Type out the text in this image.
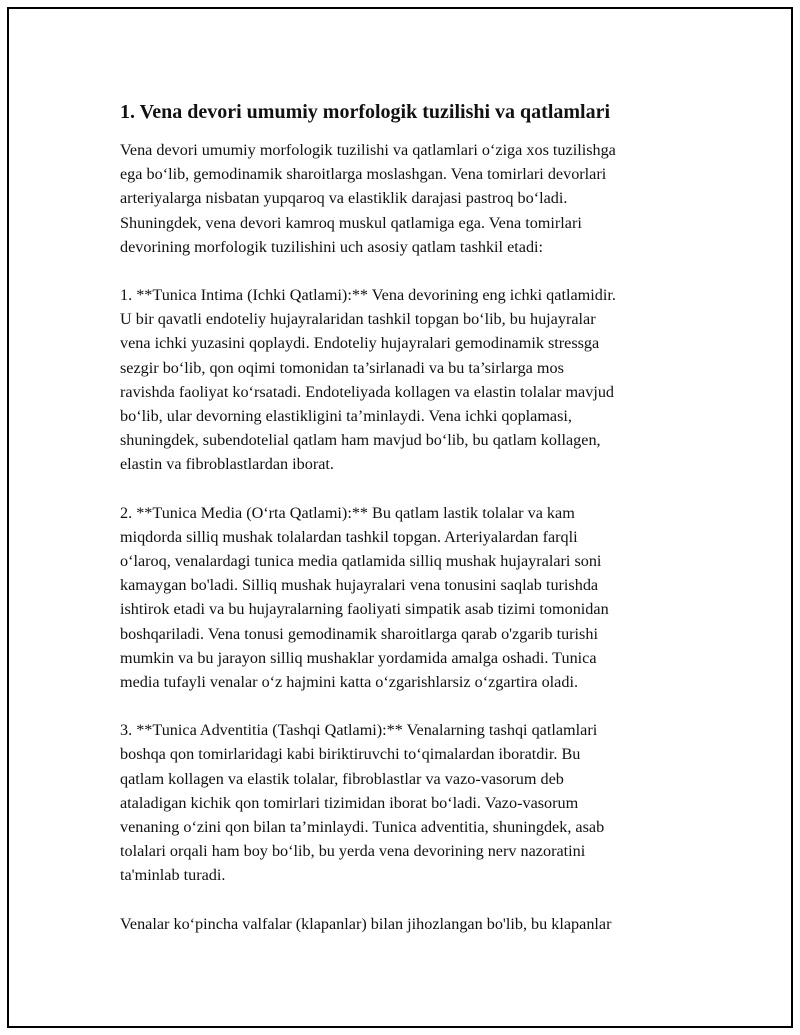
1. Vena devori umumiy morfologik tuzilishi va qatlamlari

Vena devori umumiy morfologik tuzilishi va qatlamlari o‘ziga xos tuzilishga
ega bo‘lib, gemodinamik sharoitlarga moslashgan. Vena tomirlari devorlari
arteriyalarga nisbatan yupqaroq va elastiklik darajasi pastroq bo‘ladi.
Shuningdek, vena devori kamroq muskul qatlamiga ega. Vena tomirlari
devorining morfologik tuzilishini uch asosiy qatlam tashkil etadi:

1. **Tunica Intima (Ichki Qatlami):** Vena devorining eng ichki qatlamidir.
U bir qavatli endoteliy hujayralaridan tashkil topgan bo‘lib, bu hujayralar
vena ichki yuzasini qoplaydi. Endoteliy hujayralari gemodinamik stressga
sezgir bo‘lib, qon oqimi tomonidan ta’sirlanadi va bu ta’sirlarga mos
ravishda faoliyat ko‘rsatadi. Endoteliyada kollagen va elastin tolalar mavjud
bo‘lib, ular devorning elastikligini ta’minlaydi. Vena ichki qoplamasi,
shuningdek, subendotelial qatlam ham mavjud bo‘lib, bu qatlam kollagen,
elastin va fibroblastlardan iborat.

2. **Tunica Media (O‘rta Qatlami):** Bu qatlam lastik tolalar va kam
miqdorda silliq mushak tolalardan tashkil topgan. Arteriyalardan farqli
o‘laroq, venalardagi tunica media qatlamida silliq mushak hujayralari soni
kamaygan bo'ladi. Silliq mushak hujayralari vena tonusini saqlab turishda
ishtirok etadi va bu hujayralarning faoliyati simpatik asab tizimi tomonidan
boshqariladi. Vena tonusi gemodinamik sharoitlarga qarab o'zgarib turishi
mumkin va bu jarayon silliq mushaklar yordamida amalga oshadi. Tunica
media tufayli venalar o‘z hajmini katta o‘zgarishlarsiz o‘zgartira oladi.

3. **Tunica Adventitia (Tashqi Qatlami):** Venalarning tashqi qatlamlari
boshqa qon tomirlaridagi kabi biriktiruvchi to‘qimalardan iboratdir. Bu
qatlam kollagen va elastik tolalar, fibroblastlar va vazo-vasorum deb
ataladigan kichik qon tomirlari tizimidan iborat bo‘ladi. Vazo-vasorum
venaning o‘zini qon bilan ta’minlaydi. Tunica adventitia, shuningdek, asab
tolalari orqali ham boy bo‘lib, bu yerda vena devorining nerv nazoratini
ta'minlab turadi.

Venalar ko‘pincha valfalar (klapanlar) bilan jihozlangan bo'lib, bu klapanlar
